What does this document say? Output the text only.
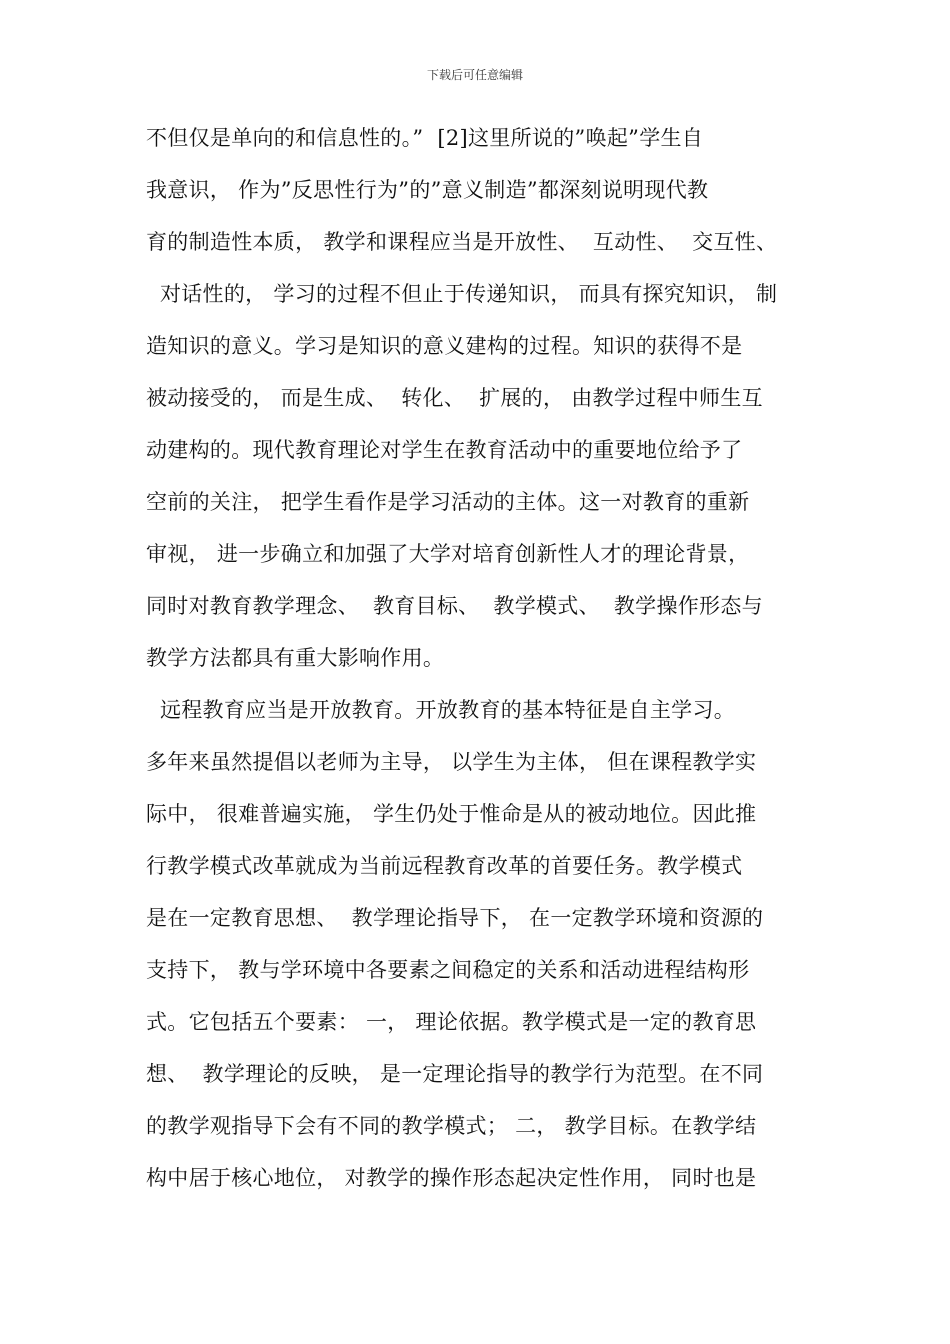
下载后可任意编辑
不但仅是单向的和信息性的。”  [2]这里所说的”唤起”学生自
我意识， 作为”反思性行为”的”意义制造”都深刻说明现代教
育的制造性本质， 教学和课程应当是开放性、  互动性、  交互性、
对话性的， 学习的过程不但止于传递知识， 而具有探究知识， 制
造知识的意义。学习是知识的意义建构的过程。知识的获得不是
被动接受的， 而是生成、  转化、  扩展的， 由教学过程中师生互
动建构的。现代教育理论对学生在教育活动中的重要地位给予了
空前的关注， 把学生看作是学习活动的主体。这一对教育的重新
审视， 进一步确立和加强了大学对培育创新性人才的理论背景，
同时对教育教学理念、  教育目标、  教学模式、  教学操作形态与
教学方法都具有重大影响作用。
远程教育应当是开放教育。开放教育的基本特征是自主学习。
多年来虽然提倡以老师为主导， 以学生为主体， 但在课程教学实
际中， 很难普遍实施， 学生仍处于惟命是从的被动地位。因此推
行教学模式改革就成为当前远程教育改革的首要任务。教学模式
是在一定教育思想、  教学理论指导下， 在一定教学环境和资源的
支持下， 教与学环境中各要素之间稳定的关系和活动进程结构形
式。它包括五个要素： 一， 理论依据。教学模式是一定的教育思
想、  教学理论的反映， 是一定理论指导的教学行为范型。在不同
的教学观指导下会有不同的教学模式； 二， 教学目标。在教学结
构中居于核心地位， 对教学的操作形态起决定性作用， 同时也是
